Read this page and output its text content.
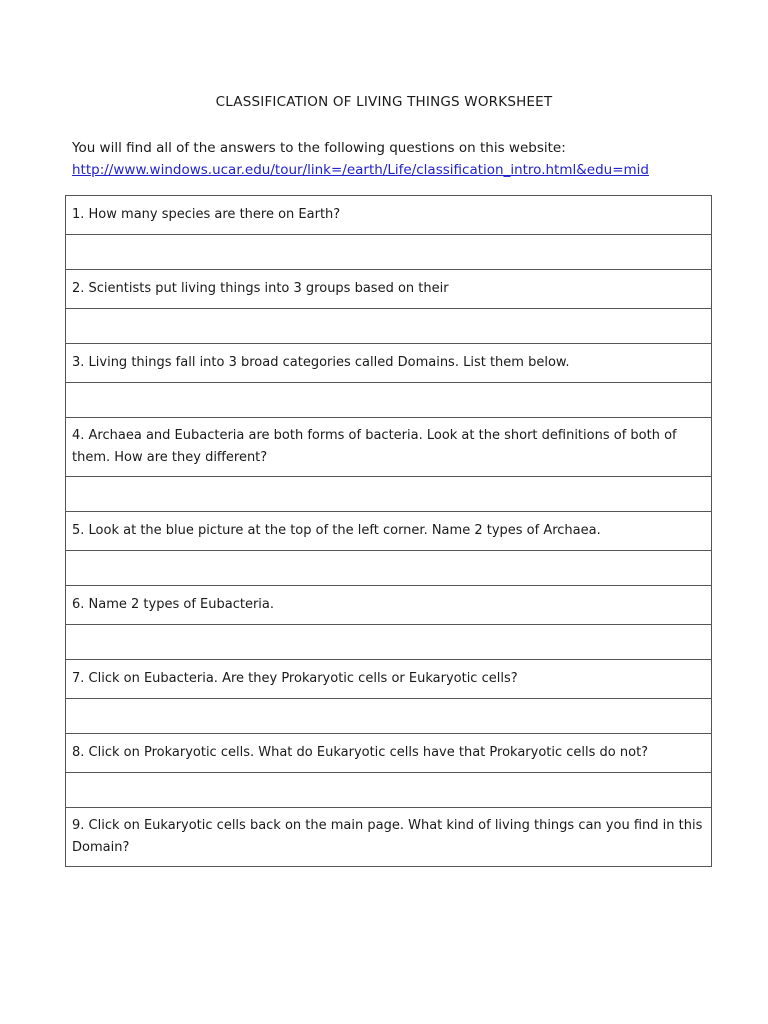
CLASSIFICATION OF LIVING THINGS WORKSHEET
You will find all of the answers to the following questions on this website:
http://www.windows.ucar.edu/tour/link=/earth/Life/classification_intro.html&edu=mid
1. How many species are there on Earth?

2. Scientists put living things into 3 groups based on their

3. Living things fall into 3 broad categories called Domains. List them below.

4. Archaea and Eubacteria are both forms of bacteria. Look at the short definitions of both of them. How are they different?

5. Look at the blue picture at the top of the left corner. Name 2 types of Archaea.

6. Name 2 types of Eubacteria.

7. Click on Eubacteria. Are they Prokaryotic cells or Eukaryotic cells?

8. Click on Prokaryotic cells. What do Eukaryotic cells have that Prokaryotic cells do not?

9. Click on Eukaryotic cells back on the main page. What kind of living things can you find in this Domain?
